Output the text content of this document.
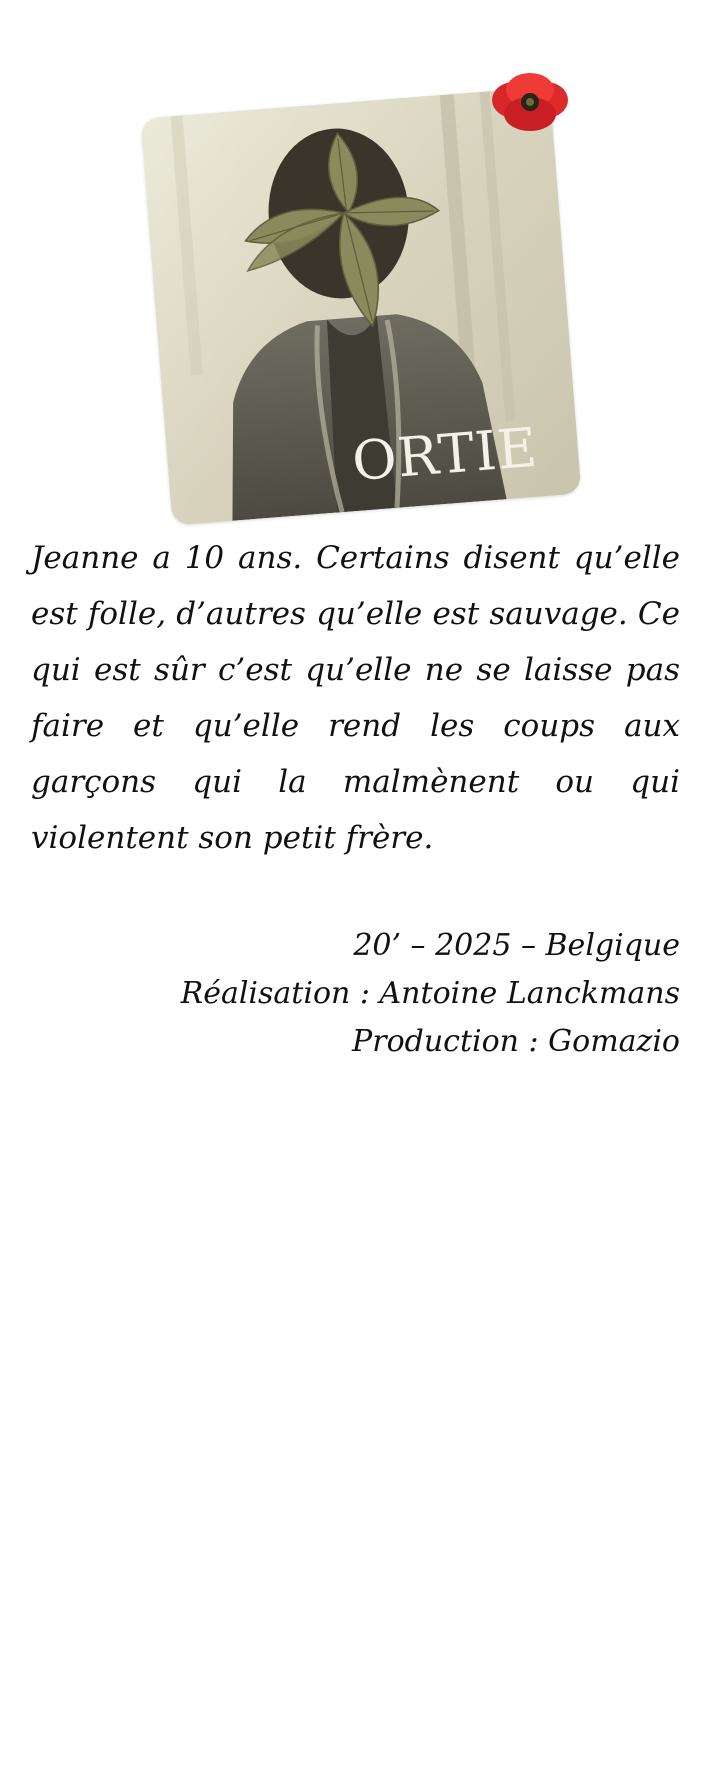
ORTIE

Jeanne a 10 ans. Certains disent qu’elle est folle, d’autres qu’elle est sauvage. Ce qui est sûr c’est qu’elle ne se laisse pas faire et qu’elle rend les coups aux garçons qui la malmènent ou qui violentent son petit frère.

20’ – 2025 – Belgique
Réalisation : Antoine Lanckmans
Production : Gomazio
